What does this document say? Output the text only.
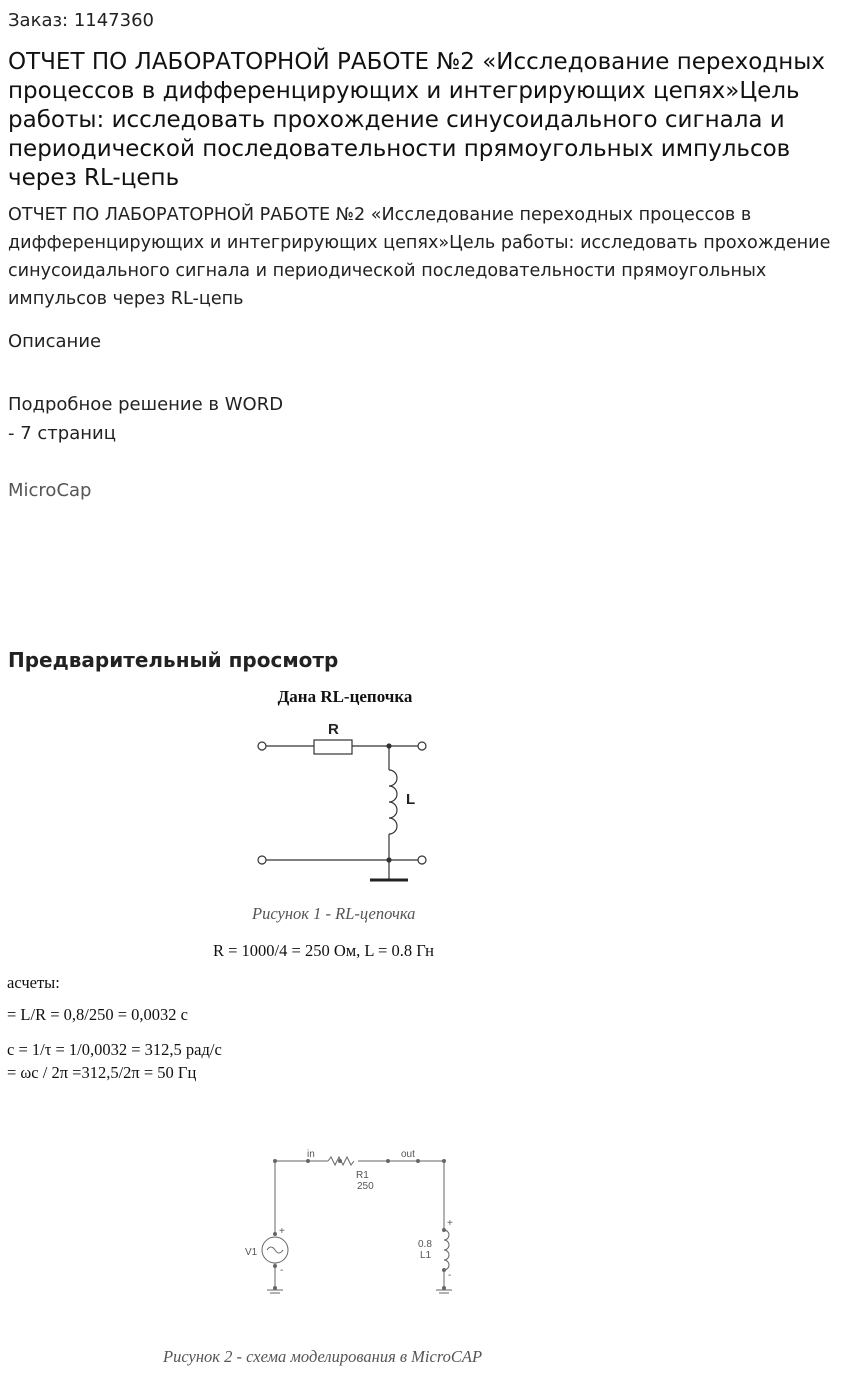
Заказ: 1147360
ОТЧЕТ ПО ЛАБОРАТОРНОЙ РАБОТЕ №2 «Исследование переходных процессов в дифференцирующих и интегрирующих цепях»Цель работы: исследовать прохождение синусоидального сигнала и периодической последовательности прямоугольных импульсов через RL-цепь

ОТЧЕТ ПО ЛАБОРАТОРНОЙ РАБОТЕ №2 «Исследование переходных процессов в дифференцирующих и интегрирующих цепях»Цель работы: исследовать прохождение синусоидального сигнала и периодической последовательности прямоугольных импульсов через RL-цепь

Описание
Подробное решение в WORD
- 7 страниц
MicroCap
Предварительный просмотр
Дана RL-цепочка
R
L
Рисунок 1 - RL-цепочка
R = 1000/4 = 250 Ом, L = 0.8 Гн
асчеты:
= L/R = 0,8/250 = 0,0032 с
c = 1/τ = 1/0,0032 = 312,5 рад/с
= ωc / 2π =312,5/2π = 50 Гц
in	out
R1
250
V1
0.8
L1
+
-
+
-
Рисунок 2 - схема моделирования в MicroCAP
